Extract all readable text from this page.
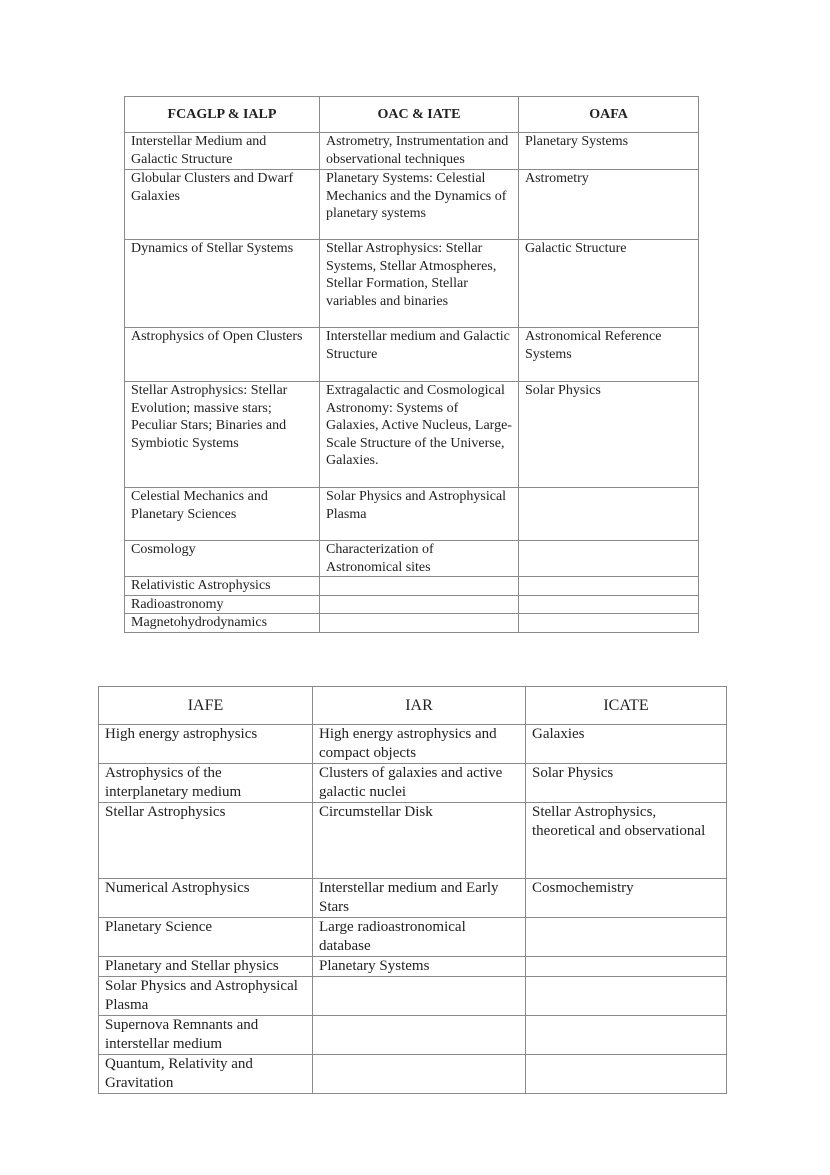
FCAGLP & IALP	OAC & IATE	OAFA
Interstellar Medium and Galactic Structure	Astrometry, Instrumentation and observational techniques	Planetary Systems
Globular Clusters and Dwarf Galaxies	Planetary Systems: Celestial Mechanics and the Dynamics of planetary systems	Astrometry
Dynamics of Stellar Systems	Stellar Astrophysics: Stellar Systems, Stellar Atmospheres, Stellar Formation, Stellar variables and binaries	Galactic Structure
Astrophysics of Open Clusters	Interstellar medium and Galactic Structure	Astronomical Reference Systems
Stellar Astrophysics: Stellar Evolution; massive stars; Peculiar Stars; Binaries and Symbiotic Systems	Extragalactic and Cosmological Astronomy: Systems of Galaxies, Active Nucleus, Large-Scale Structure of the Universe, Galaxies.	Solar Physics
Celestial Mechanics and Planetary Sciences	Solar Physics and Astrophysical Plasma	
Cosmology	Characterization of Astronomical sites	
Relativistic Astrophysics		
Radioastronomy		
Magnetohydrodynamics		
IAFE	IAR	ICATE
High energy astrophysics	High energy astrophysics and compact objects	Galaxies
Astrophysics of the interplanetary medium	Clusters of galaxies and active galactic nuclei	Solar Physics
Stellar Astrophysics	Circumstellar Disk	Stellar Astrophysics, theoretical and observational
Numerical Astrophysics	Interstellar medium and Early Stars	Cosmochemistry
Planetary Science	Large radioastronomical database	
Planetary and Stellar physics	Planetary Systems	
Solar Physics and Astrophysical Plasma		
Supernova Remnants and interstellar medium		
Quantum, Relativity and Gravitation		
